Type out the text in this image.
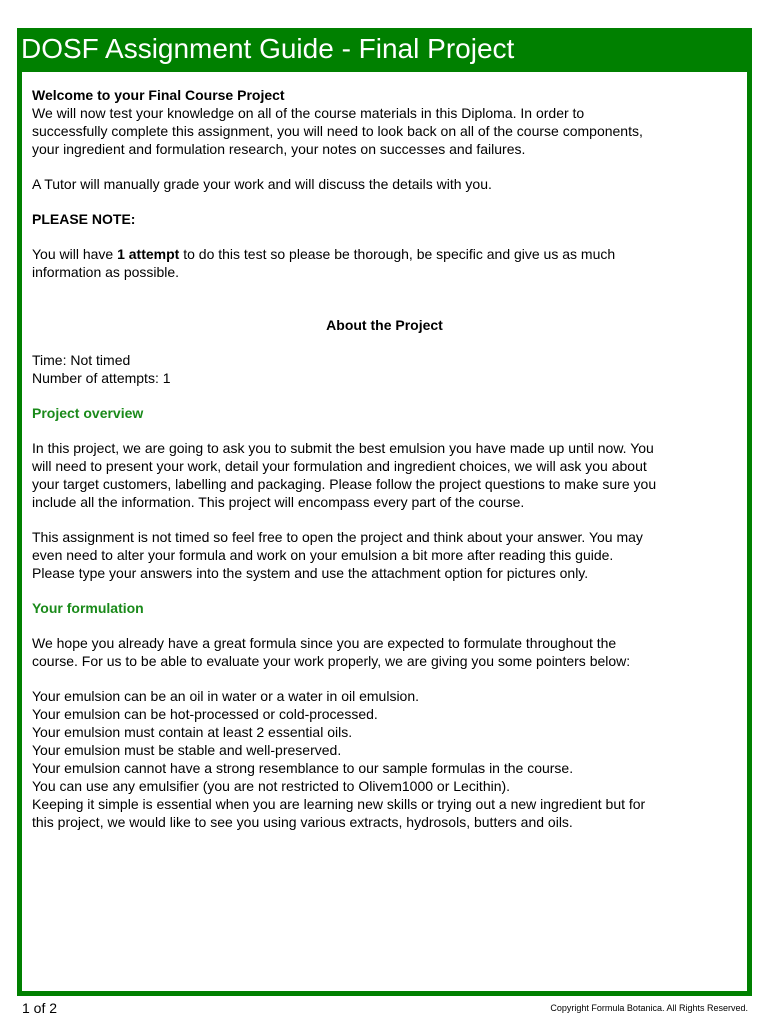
DOSF Assignment Guide - Final Project

Welcome to your Final Course Project

We will now test your knowledge on all of the course materials in this Diploma. In order to

successfully complete this assignment, you will need to look back on all of the course components,

your ingredient and formulation research, your notes on successes and failures.

A Tutor will manually grade your work and will discuss the details with you.

PLEASE NOTE:

You will have 1 attempt to do this test so please be thorough, be specific and give us as much

information as possible.

About the Project

Time: Not timed

Number of attempts: 1

Project overview

In this project, we are going to ask you to submit the best emulsion you have made up until now. You

will need to present your work, detail your formulation and ingredient choices, we will ask you about

your target customers, labelling and packaging. Please follow the project questions to make sure you

include all the information. This project will encompass every part of the course.

This assignment is not timed so feel free to open the project and think about your answer. You may

even need to alter your formula and work on your emulsion a bit more after reading this guide.

Please type your answers into the system and use the attachment option for pictures only.

Your formulation

We hope you already have a great formula since you are expected to formulate throughout the

course. For us to be able to evaluate your work properly, we are giving you some pointers below:

Your emulsion can be an oil in water or a water in oil emulsion.

Your emulsion can be hot-processed or cold-processed.

Your emulsion must contain at least 2 essential oils.

Your emulsion must be stable and well-preserved.

Your emulsion cannot have a strong resemblance to our sample formulas in the course.

You can use any emulsifier (you are not restricted to Olivem1000 or Lecithin).

Keeping it simple is essential when you are learning new skills or trying out a new ingredient but for

this project, we would like to see you using various extracts, hydrosols, butters and oils.

1 of 2	Copyright Formula Botanica. All Rights Reserved.
